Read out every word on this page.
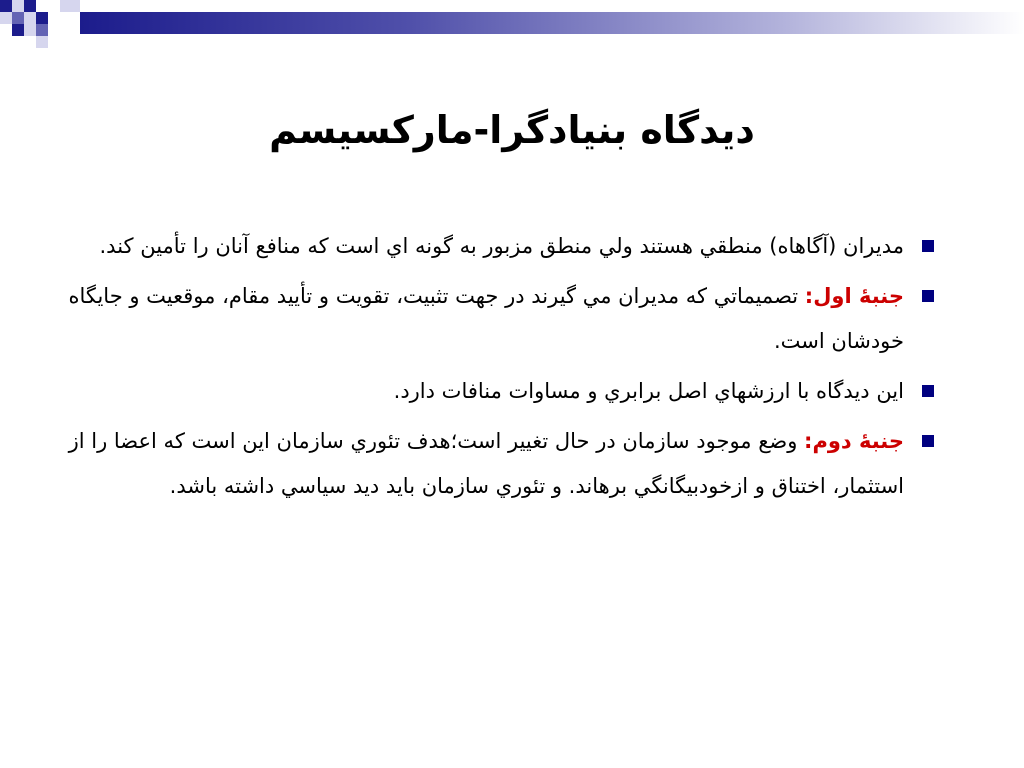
ديدگاه بنيادگرا-ماركسيسم
مديران (آگاهاه) منطقي هستند ولي منطق مزبور به گونه اي است كه منافع آنان را تأمين كند.
جنبۀ اول: تصميماتي كه مديران مي گيرند در جهت تثبيت، تقويت و تأييد مقام، موقعيت و جايگاه خودشان است.
اين ديدگاه با ارزشهاي اصل برابري و مساوات منافات دارد.
جنبۀ دوم: وضع موجود سازمان در حال تغيير است؛هدف تئوري سازمان اين است كه اعضا را از استثمار، اختناق و ازخودبيگانگي برهاند. و تئوري سازمان بايد ديد سياسي داشته باشد.
